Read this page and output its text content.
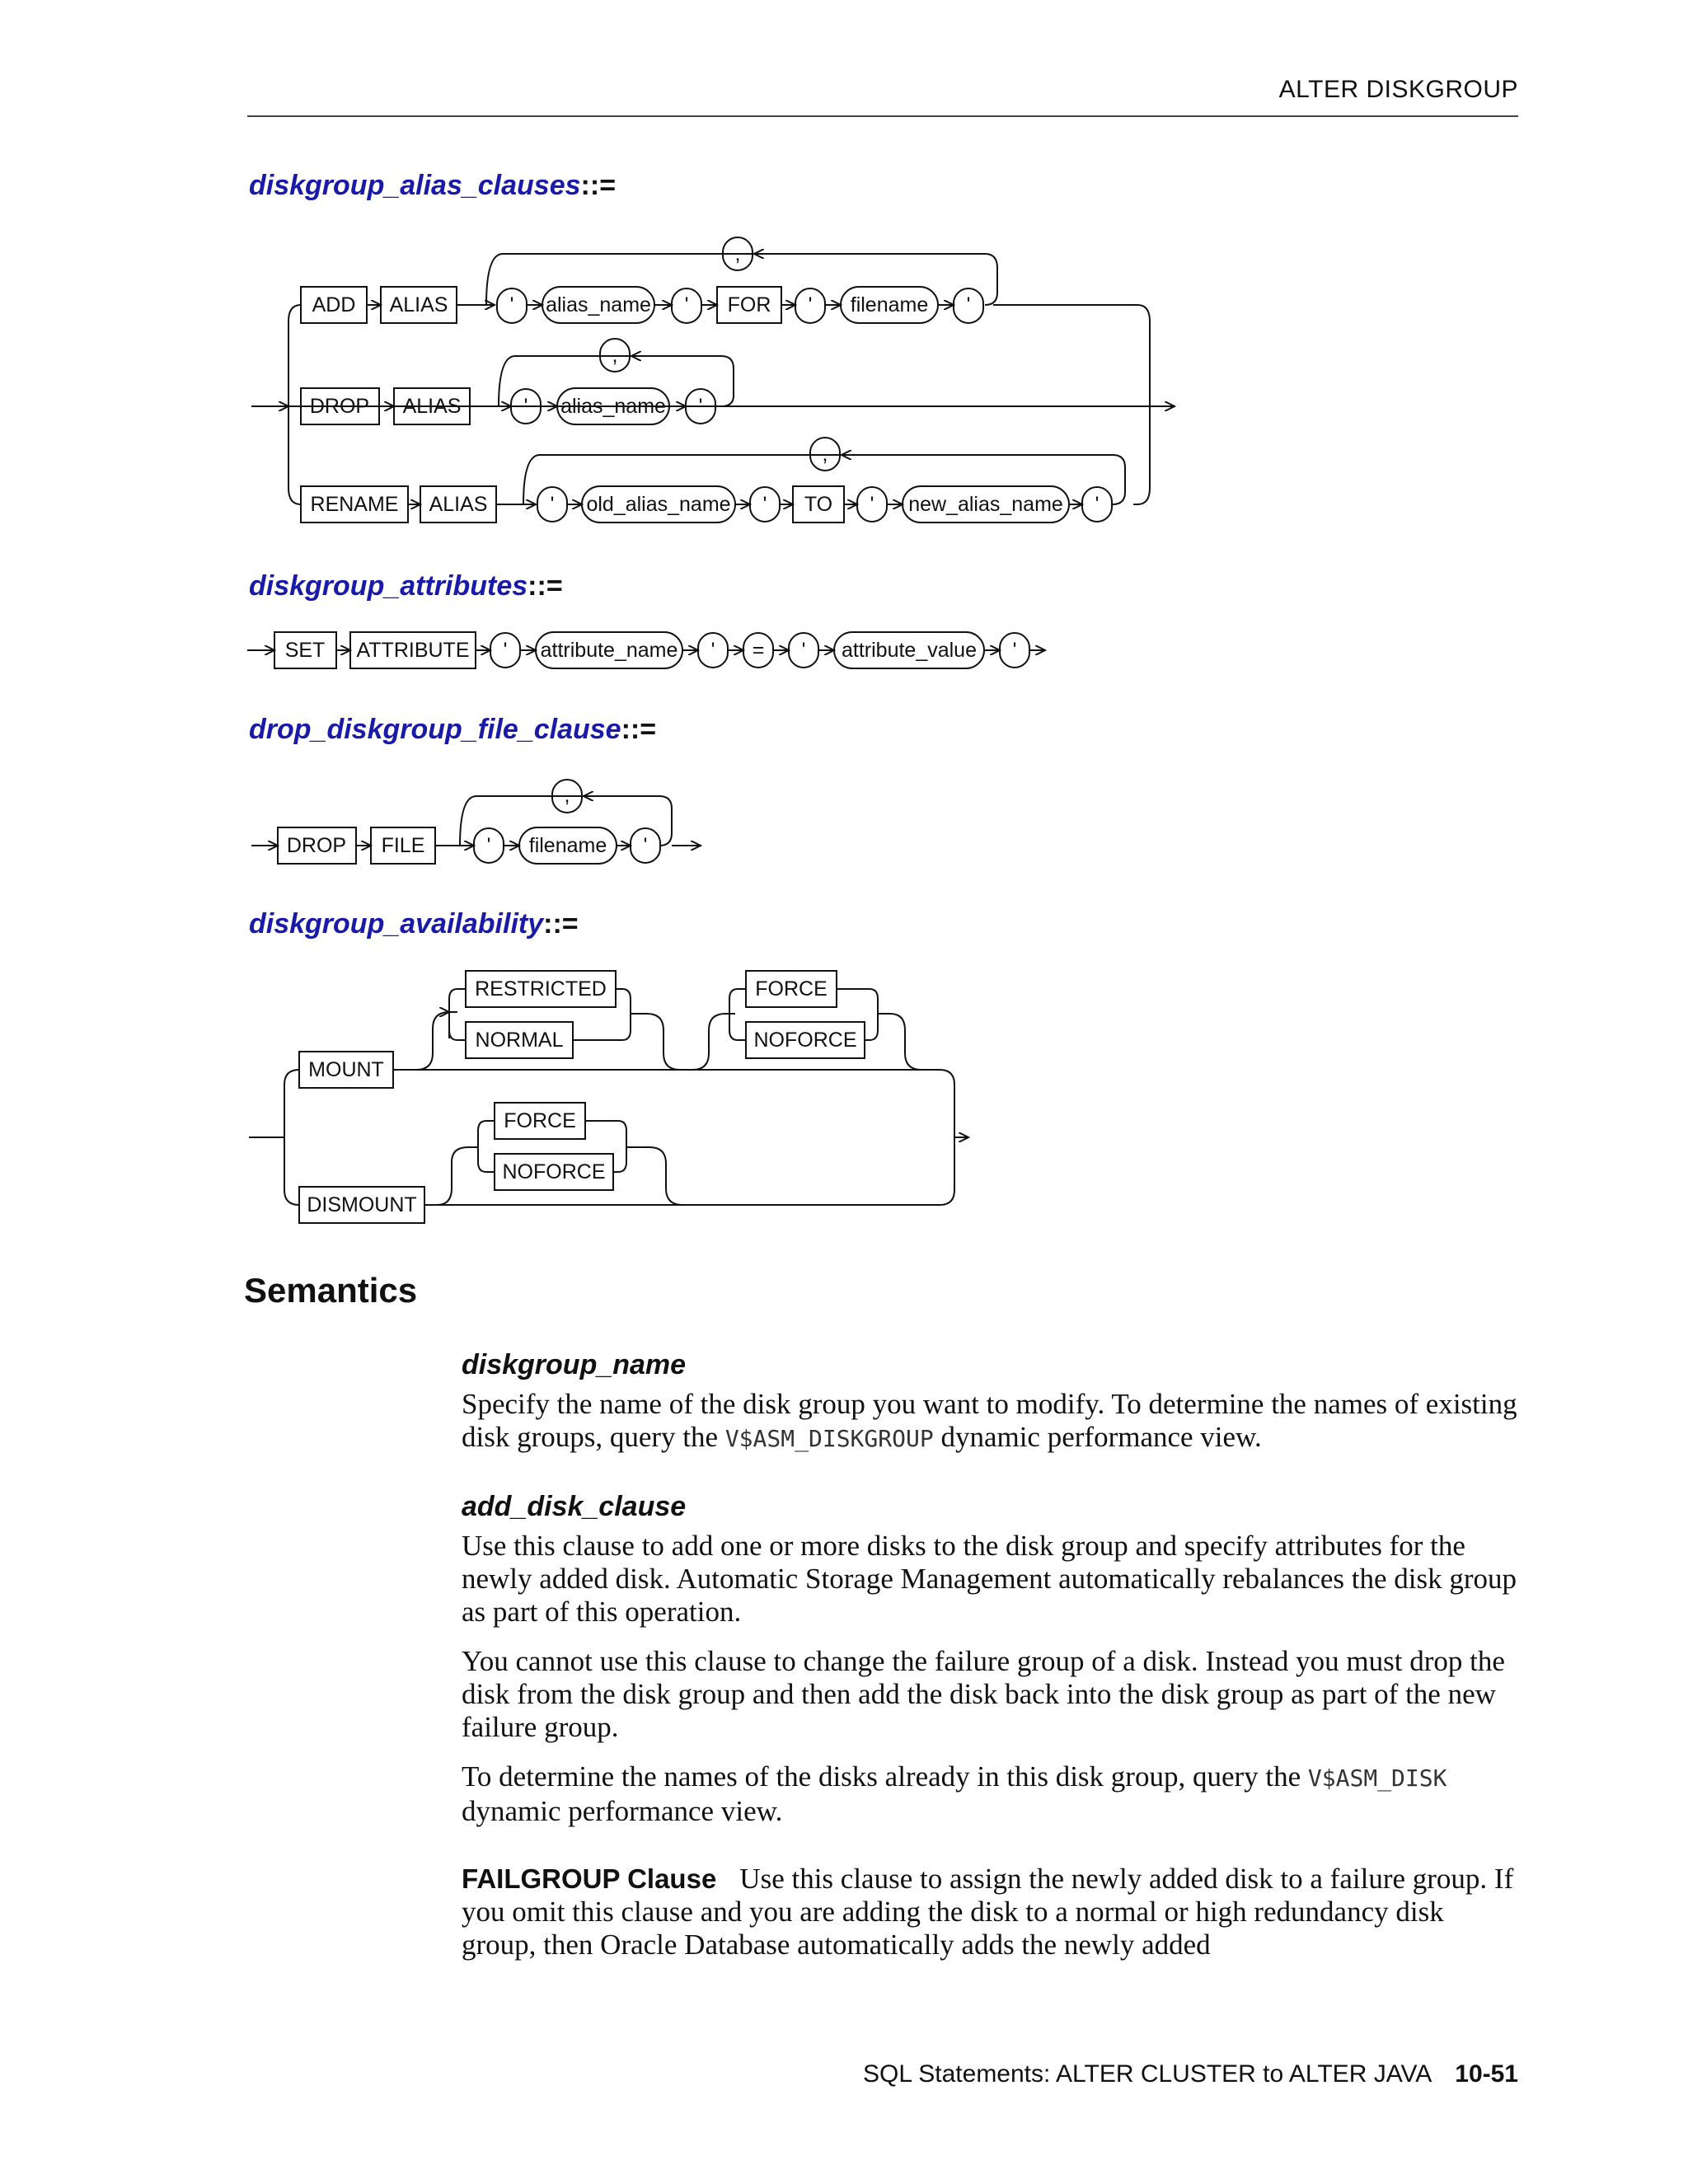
ALTER DISKGROUP
diskgroup_alias_clauses::=
ADD ALIAS
,
' alias_name ' FOR ' filename '
DROP ALIAS
,
' alias_name '
RENAME ALIAS
,
' old_alias_name ' TO ' new_alias_name '
diskgroup_attributes::=
SET ATTRIBUTE ' attribute_name ' = ' attribute_value '
drop_diskgroup_file_clause::=
DROP FILE
,
' filename '
diskgroup_availability::=
MOUNT
RESTRICTED
NORMAL
FORCE
NOFORCE
DISMOUNT
FORCE
NOFORCE
Semantics
diskgroup_name

Specify the name of the disk group you want to modify. To determine the names of existing disk groups, query the V$ASM_DISKGROUP dynamic performance view.

add_disk_clause

Use this clause to add one or more disks to the disk group and specify attributes for the newly added disk. Automatic Storage Management automatically rebalances the disk group as part of this operation.

You cannot use this clause to change the failure group of a disk. Instead you must drop the disk from the disk group and then add the disk back into the disk group as part of the new failure group.

To determine the names of the disks already in this disk group, query the V$ASM_DISK dynamic performance view.

FAILGROUP Clause Use this clause to assign the newly added disk to a failure group. If you omit this clause and you are adding the disk to a normal or high redundancy disk group, then Oracle Database automatically adds the newly added

SQL Statements: ALTER CLUSTER to ALTER JAVA 10-51
